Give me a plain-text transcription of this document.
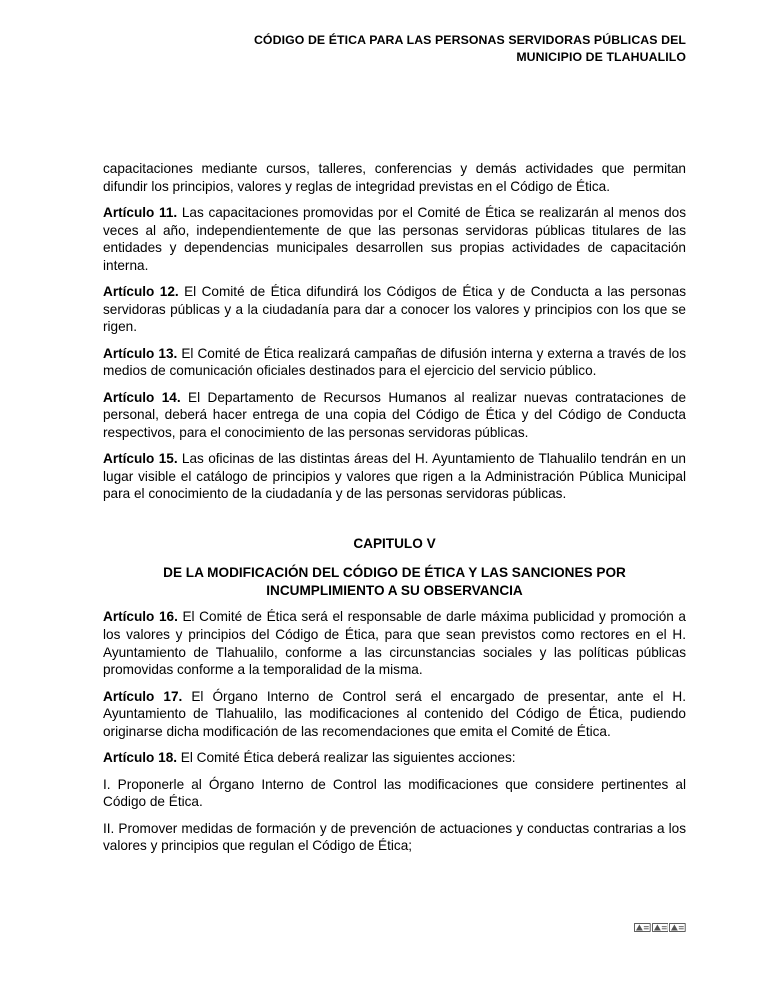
CÓDIGO DE ÉTICA PARA LAS PERSONAS SERVIDORAS PÚBLICAS DEL
MUNICIPIO DE TLAHUALILO

capacitaciones mediante cursos, talleres, conferencias y demás actividades que permitan difundir los principios, valores y reglas de integridad previstas en el Código de Ética.

Artículo 11. Las capacitaciones promovidas por el Comité de Ética se realizarán al menos dos veces al año, independientemente de que las personas servidoras públicas titulares de las entidades y dependencias municipales desarrollen sus propias actividades de capacitación interna.

Artículo 12. El Comité de Ética difundirá los Códigos de Ética y de Conducta a las personas servidoras públicas y a la ciudadanía para dar a conocer los valores y principios con los que se rigen.

Artículo 13. El Comité de Ética realizará campañas de difusión interna y externa a través de los medios de comunicación oficiales destinados para el ejercicio del servicio público.

Artículo 14. El Departamento de Recursos Humanos al realizar nuevas contrataciones de personal, deberá hacer entrega de una copia del Código de Ética y del Código de Conducta respectivos, para el conocimiento de las personas servidoras públicas.

Artículo 15. Las oficinas de las distintas áreas del H. Ayuntamiento de Tlahualilo tendrán en un lugar visible el catálogo de principios y valores que rigen a la Administración Pública Municipal para el conocimiento de la ciudadanía y de las personas servidoras públicas.

CAPITULO V
DE LA MODIFICACIÓN DEL CÓDIGO DE ÉTICA Y LAS SANCIONES POR
INCUMPLIMIENTO A SU OBSERVANCIA

Artículo 16. El Comité de Ética será el responsable de darle máxima publicidad y promoción a los valores y principios del Código de Ética, para que sean previstos como rectores en el H. Ayuntamiento de Tlahualilo, conforme a las circunstancias sociales y las políticas públicas promovidas conforme a la temporalidad de la misma.

Artículo 17. El Órgano Interno de Control será el encargado de presentar, ante el H. Ayuntamiento de Tlahualilo, las modificaciones al contenido del Código de Ética, pudiendo originarse dicha modificación de las recomendaciones que emita el Comité de Ética.

Artículo 18. El Comité Ética deberá realizar las siguientes acciones:

I. Proponerle al Órgano Interno de Control las modificaciones que considere pertinentes al Código de Ética.

II. Promover medidas de formación y de prevención de actuaciones y conductas contrarias a los valores y principios que regulan el Código de Ética;
